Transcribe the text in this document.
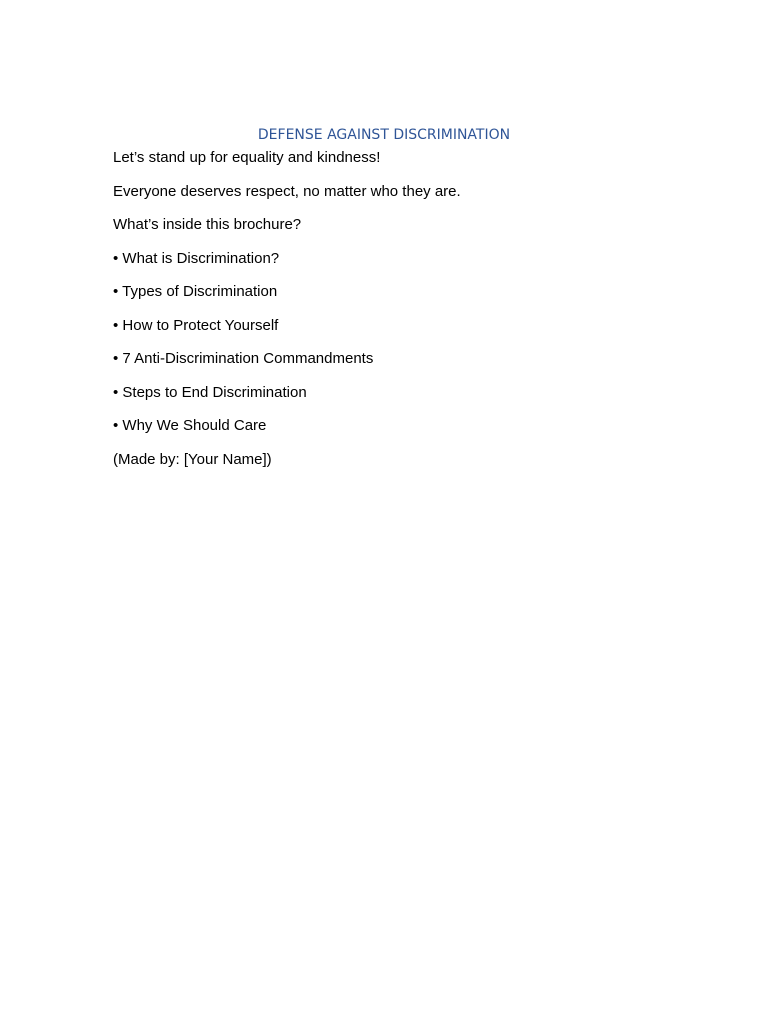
DEFENSE AGAINST DISCRIMINATION

Let’s stand up for equality and kindness!

Everyone deserves respect, no matter who they are.

What’s inside this brochure?

• What is Discrimination?

• Types of Discrimination

• How to Protect Yourself

• 7 Anti-Discrimination Commandments

• Steps to End Discrimination

• Why We Should Care

(Made by: [Your Name])
